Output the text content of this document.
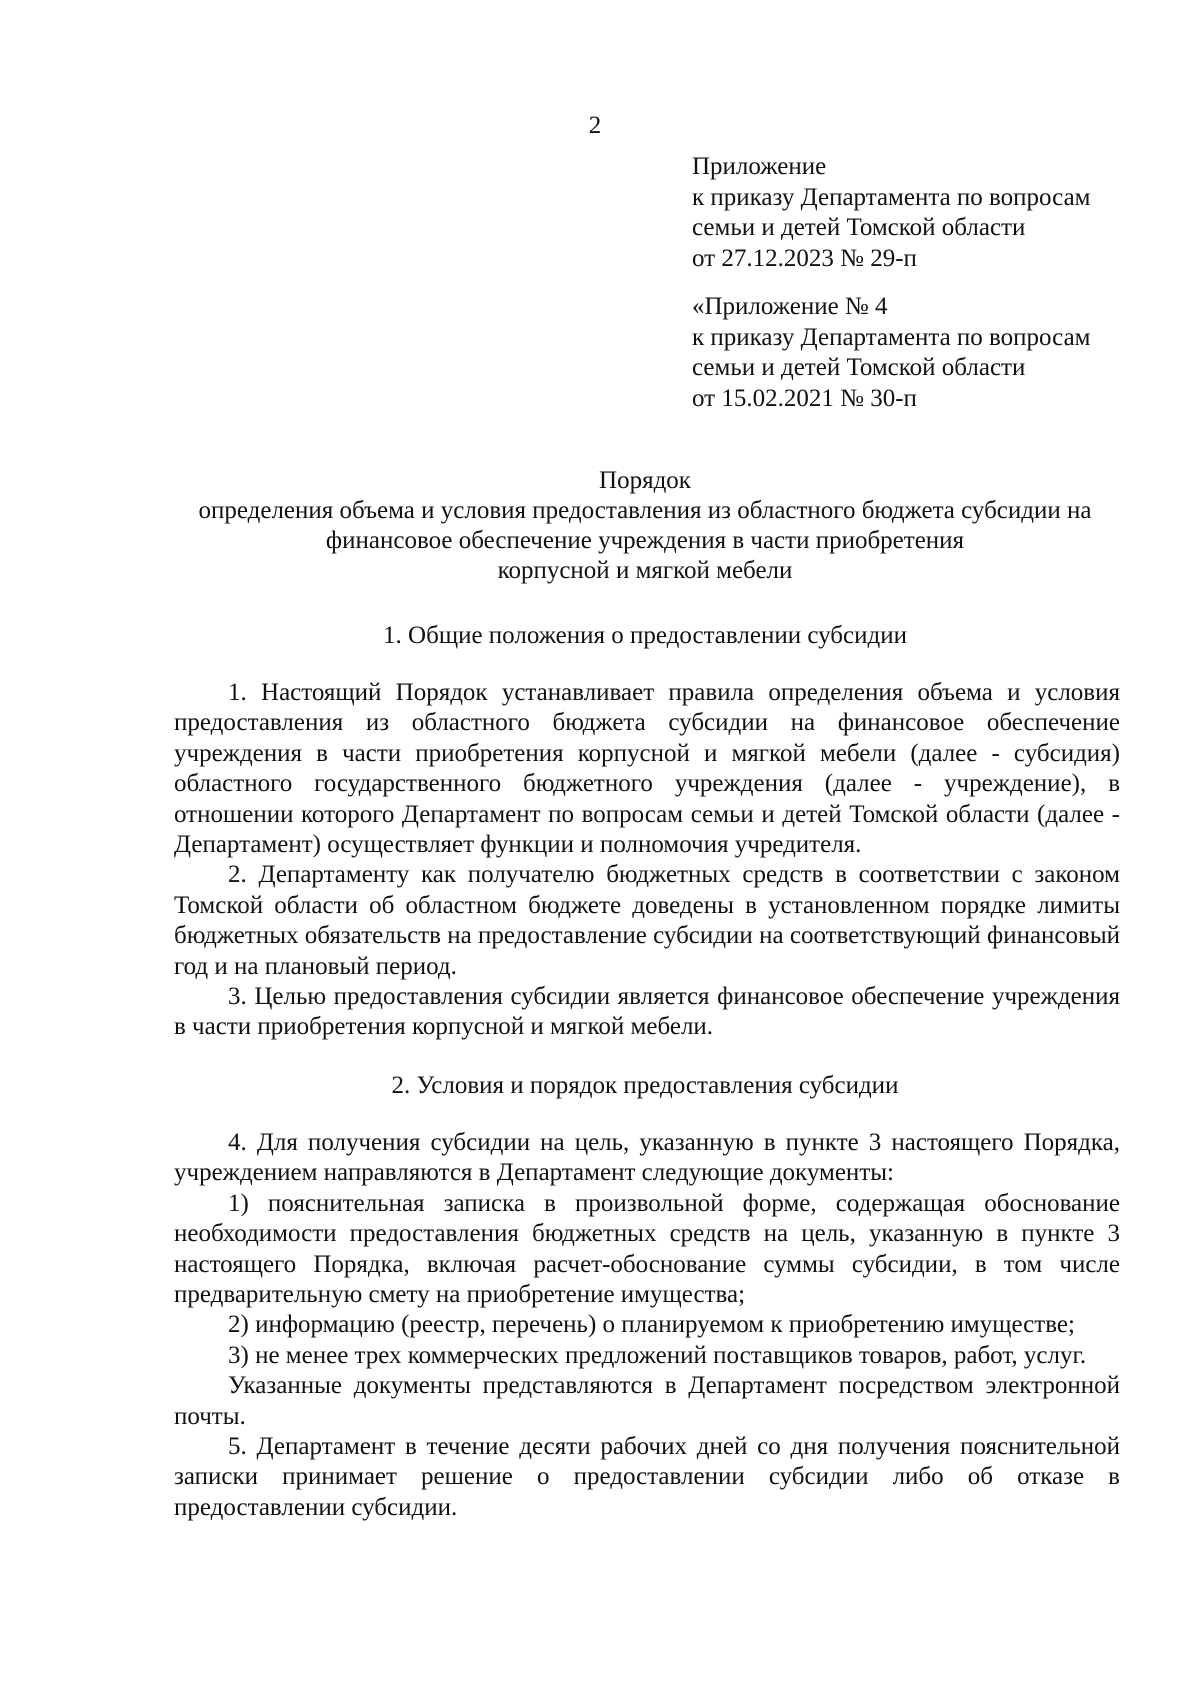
2
Приложение
к приказу Департамента по вопросам
семьи и детей Томской области
от 27.12.2023 № 29-п
«Приложение № 4
к приказу Департамента по вопросам
семьи и детей Томской области
от 15.02.2021 № 30-п
Порядок
определения объема и условия предоставления из областного бюджета субсидии на
финансовое обеспечение учреждения в части приобретения
корпусной и мягкой мебели
1. Общие положения о предоставлении субсидии

1. Настоящий Порядок устанавливает правила определения объема и условия предоставления из областного бюджета субсидии на финансовое обеспечение учреждения в части приобретения корпусной и мягкой мебели (далее - субсидия) областного государственного бюджетного учреждения (далее - учреждение), в отношении которого Департамент по вопросам семьи и детей Томской области (далее - Департамент) осуществляет функции и полномочия учредителя.

2. Департаменту как получателю бюджетных средств в соответствии с законом Томской области об областном бюджете доведены в установленном порядке лимиты бюджетных обязательств на предоставление субсидии на соответствующий финансовый год и на плановый период.

3. Целью предоставления субсидии является финансовое обеспечение учреждения в части приобретения корпусной и мягкой мебели.

2. Условия и порядок предоставления субсидии

4. Для получения субсидии на цель, указанную в пункте 3 настоящего Порядка, учреждением направляются в Департамент следующие документы:

1) пояснительная записка в произвольной форме, содержащая обоснование необходимости предоставления бюджетных средств на цель, указанную в пункте 3 настоящего Порядка, включая расчет-обоснование суммы субсидии, в том числе предварительную смету на приобретение имущества;

2) информацию (реестр, перечень) о планируемом к приобретению имуществе;

3) не менее трех коммерческих предложений поставщиков товаров, работ, услуг.

Указанные документы представляются в Департамент посредством электронной почты.

5. Департамент в течение десяти рабочих дней со дня получения пояснительной записки принимает решение о предоставлении субсидии либо об отказе в предоставлении субсидии.
